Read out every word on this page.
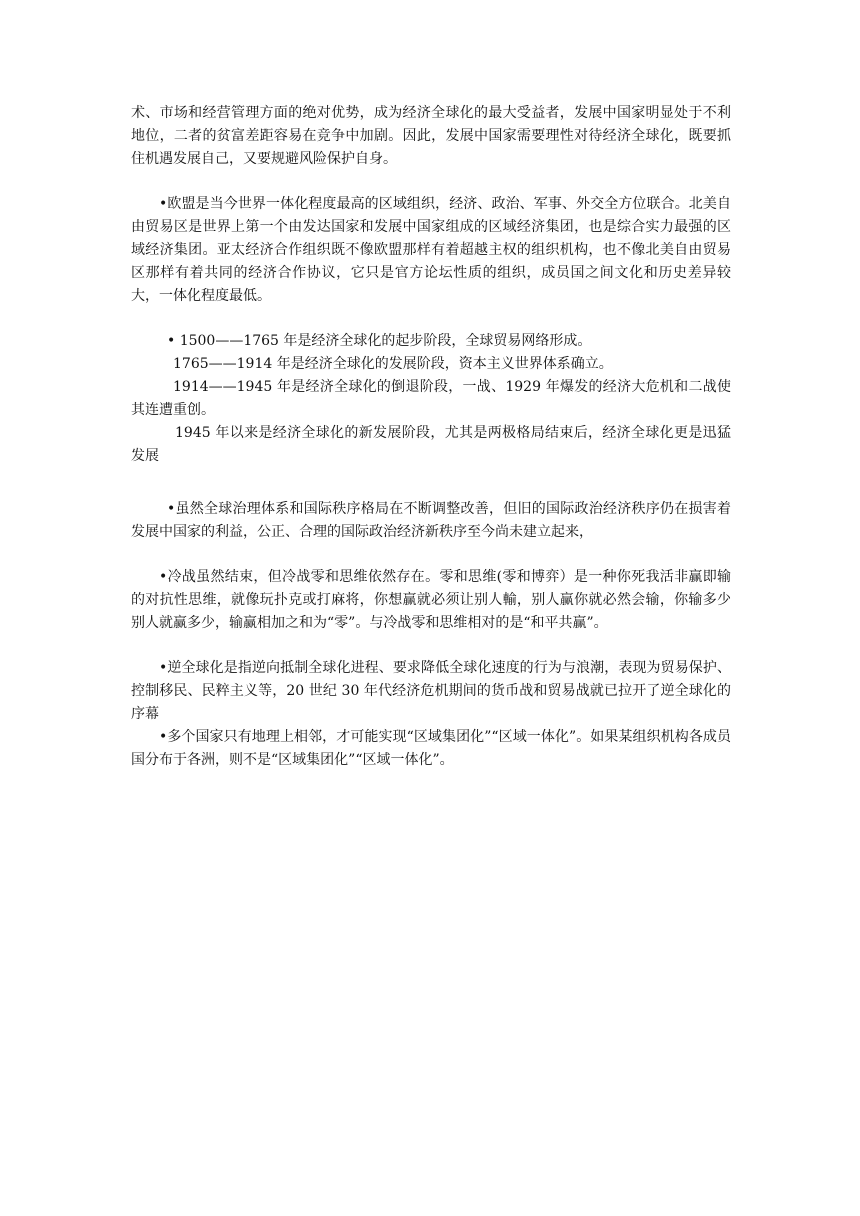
术、市场和经营管理方面的绝对优势，成为经济全球化的最大受益者，发展中国家明显处于不利地位，二者的贫富差距容易在竞争中加剧。因此，发展中国家需要理性对待经济全球化，既要抓住机遇发展自己，又要规避风险保护自身。

•欧盟是当今世界一体化程度最高的区域组织，经济、政治、军事、外交全方位联合。北美自由贸易区是世界上第一个由发达国家和发展中国家组成的区域经济集团，也是综合实力最强的区域经济集团。亚太经济合作组织既不像欧盟那样有着超越主权的组织机构，也不像北美自由贸易区那样有着共同的经济合作协议，它只是官方论坛性质的组织，成员国之间文化和历史差异较大，一体化程度最低。

• 1500——1765 年是经济全球化的起步阶段，全球贸易网络形成。

1765——1914 年是经济全球化的发展阶段，资本主义世界体系确立。

1914——1945 年是经济全球化的倒退阶段，一战、1929 年爆发的经济大危机和二战使其连遭重创。

1945 年以来是经济全球化的新发展阶段，尤其是两极格局结束后，经济全球化更是迅猛发展

•虽然全球治理体系和国际秩序格局在不断调整改善，但旧的国际政治经济秩序仍在损害着发展中国家的利益，公正、合理的国际政治经济新秩序至今尚未建立起来，

•冷战虽然结束，但冷战零和思维依然存在。零和思维(零和博弈）是一种你死我活非赢即输的对抗性思维，就像玩扑克或打麻将，你想赢就必须让别人輸，别人赢你就必然会输，你输多少别人就赢多少，输赢相加之和为“零”。与冷战零和思维相对的是“和平共赢”。

•逆全球化是指逆向抵制全球化进程、要求降低全球化速度的行为与浪潮，表现为贸易保护、控制移民、民粹主义等，20 世纪 30 年代经济危机期间的货币战和贸易战就已拉开了逆全球化的序幕

•多个国家只有地理上相邻，才可能实现“区域集团化”“区域一体化”。如果某组织机构各成员国分布于各洲，则不是“区域集团化”“区域一体化”。
